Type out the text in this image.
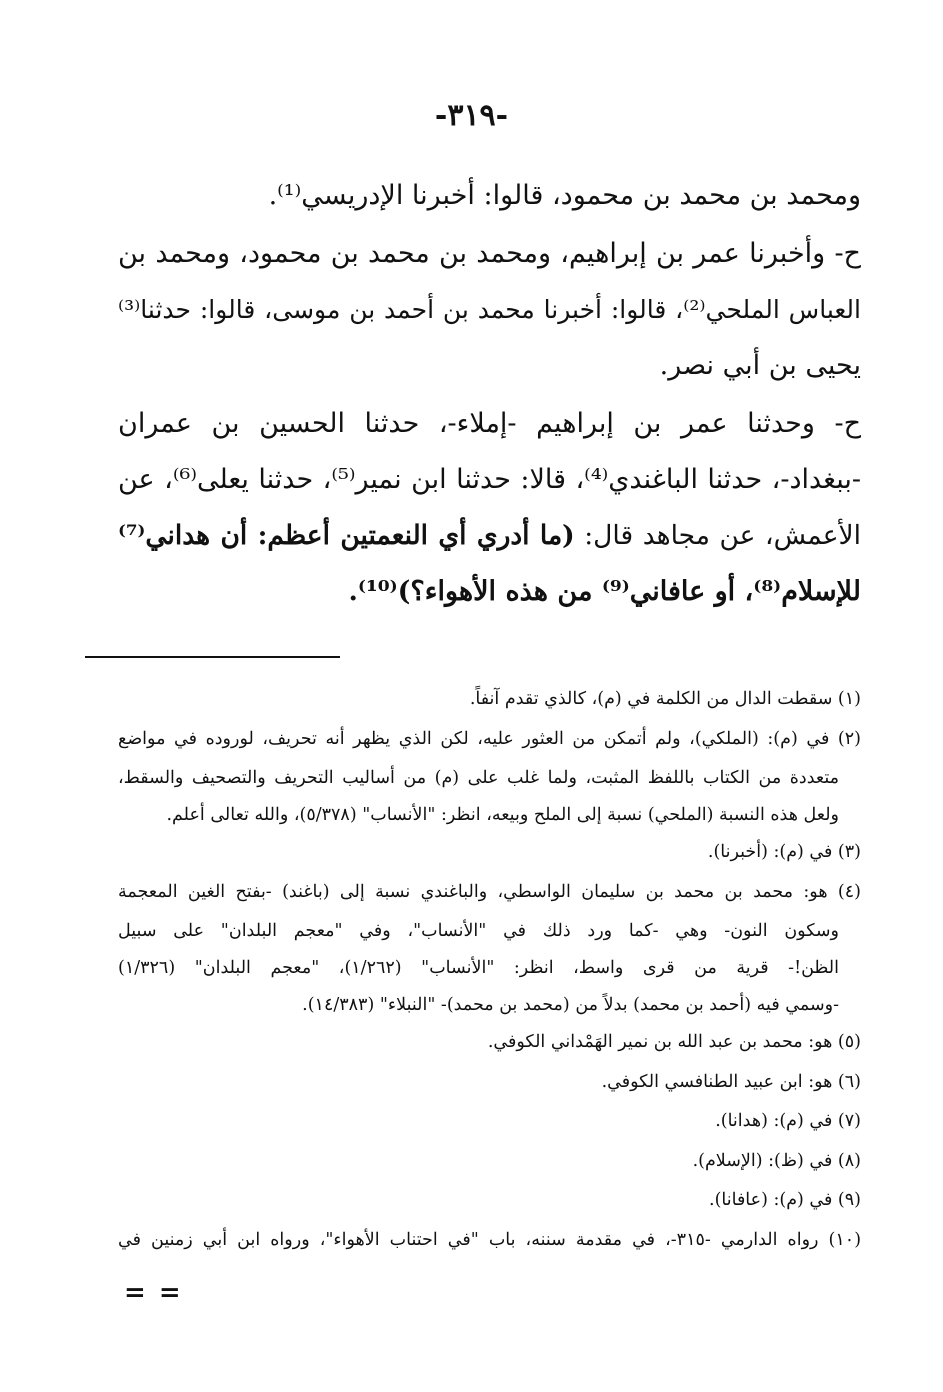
-٣١٩-
ومحمد بن محمد بن محمود، قالوا: أخبرنا الإدريسي⁽¹⁾.
ح- وأخبرنا عمر بن إبراهيم، ومحمد بن محمد بن محمود، ومحمد بن
العباس الملحي⁽²⁾، قالوا: أخبرنا محمد بن أحمد بن موسى، قالوا: حدثنا⁽³⁾
يحيى بن أبي نصر.
ح- وحدثنا عمر بن إبراهيم -إملاء-، حدثنا الحسين بن عمران
-ببغداد-، حدثنا الباغندي⁽⁴⁾، قالا: حدثنا ابن نمير⁽⁵⁾، حدثنا يعلى⁽⁶⁾، عن
الأعمش، عن مجاهد قال: (ما أدري أي النعمتين أعظم: أن هداني⁽⁷⁾
للإسلام⁽⁸⁾، أو عافاني⁽⁹⁾ من هذه الأهواء؟)⁽¹⁰⁾.
(١) سقطت الدال من الكلمة في (م)، كالذي تقدم آنفاً.
(٢) في (م): (الملكي)، ولم أتمكن من العثور عليه، لكن الذي يظهر أنه تحريف، لوروده في مواضع
متعددة من الكتاب باللفظ المثبت، ولما غلب على (م) من أساليب التحريف والتصحيف والسقط،
ولعل هذه النسبة (الملحي) نسبة إلى الملح وبيعه، انظر: "الأنساب" (٥/٣٧٨)، والله تعالى أعلم.
(٣) في (م): (أخبرنا).
(٤) هو: محمد بن محمد بن سليمان الواسطي، والباغندي نسبة إلى (باغند) -بفتح الغين المعجمة
وسكون النون- وهي -كما ورد ذلك في "الأنساب"، وفي "معجم البلدان" على سبيل
الظن!- قرية من قرى واسط، انظر: "الأنساب" (١/٢٦٢)، "معجم البلدان" (١/٣٢٦)
-وسمي فيه (أحمد بن محمد) بدلاً من (محمد بن محمد)- "النبلاء" (١٤/٣٨٣).
(٥) هو: محمد بن عبد الله بن نمير الهَمْداني الكوفي.
(٦) هو: ابن عبيد الطنافسي الكوفي.
(٧) في (م): (هدانا).
(٨) في (ظ): (الإسلام).
(٩) في (م): (عافانا).
(١٠) رواه الدارمي -٣١٥-، في مقدمة سننه، باب "في احتناب الأهواء"، ورواه ابن أبي زمنين في
= =
